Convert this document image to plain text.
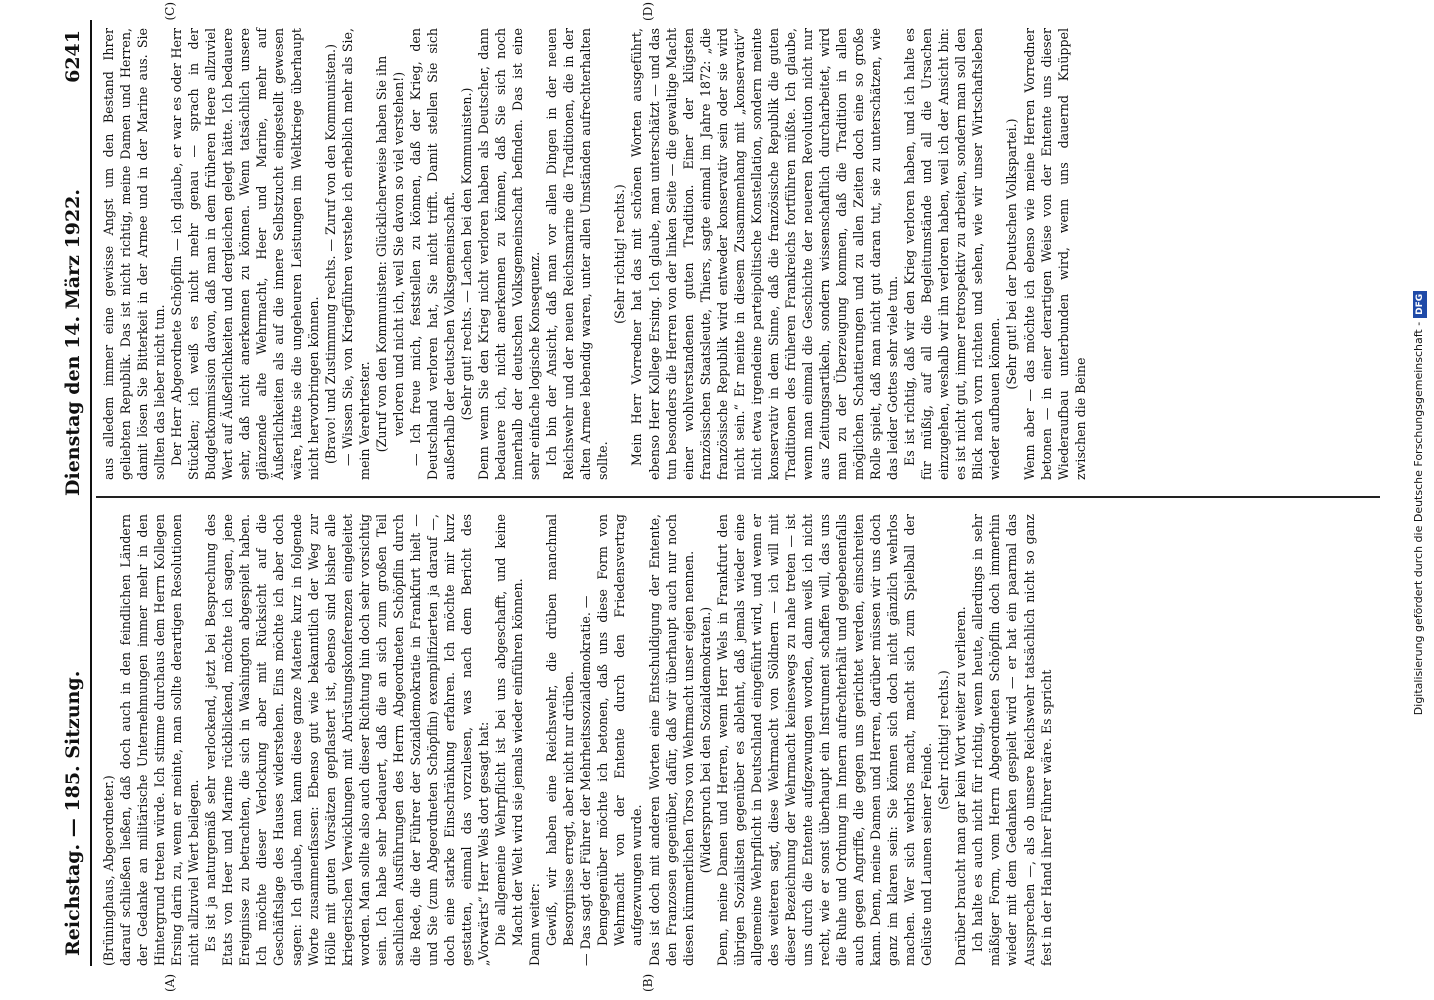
Reichstag. — 185. Sitzung.
Dienstag den 14. März 1922.
6241
(A)	(B)

(Brüninghaus, Abgeordneter.) darauf schließen ließen, daß doch auch in den feindlichen Ländern der Gedanke an militärische Unternehmungen immer mehr in den Hintergrund treten würde. Ich stimme durchaus dem Herrn Kollegen Ersing darin zu, wenn er meinte, man sollte derartigen Resolutionen nicht allzuviel Wert beilegen. Es ist ja naturgemäß sehr verlockend, jetzt bei Besprechung des Etats von Heer und Marine rückblickend, möchte ich sagen, jene Ereignisse zu betrachten, die sich in Washington abgespielt haben. Ich möchte dieser Verlockung aber mit Rücksicht auf die Geschäftslage des Hauses widerstehen. Eins möchte ich aber doch sagen: Ich glaube, man kann diese ganze Materie kurz in folgende Worte zusammenfassen: Ebenso gut wie bekanntlich der Weg zur Hölle mit guten Vorsätzen gepflastert ist, ebenso sind bisher alle kriegerischen Verwicklungen mit Abrüstungskonferenzen eingeleitet worden. Man sollte also auch dieser Richtung hin doch sehr vorsichtig sein. Ich habe sehr bedauert, daß die an sich zum großen Teil sachlichen Ausführungen des Herrn Abgeordneten Schöpflin durch die Rede, die der Führer der Sozialdemokratie in Frankfurt hielt — und Sie (zum Abgeordneten Schöpflin) exemplifizierten ja darauf —, doch eine starke Einschränkung erfahren. Ich möchte mir kurz gestatten, einmal das vorzulesen, was nach dem Bericht des „Vorwärts“ Herr Wels dort gesagt hat: Die allgemeine Wehrpflicht ist bei uns abgeschafft, und keine Macht der Welt wird sie jemals wieder einführen können. Dann weiter: Gewiß, wir haben eine Reichswehr, die drüben manchmal Besorgnisse erregt, aber nicht nur drüben. — Das sagt der Führer der Mehrheitssozialdemokratie. — Demgegenüber möchte ich betonen, daß uns diese Form von Wehrmacht von der Entente durch den Friedensvertrag aufgezwungen wurde. Das ist doch mit anderen Worten eine Entschuldigung der Entente, den Franzosen gegenüber, dafür, daß wir überhaupt auch nur noch diesen kümmerlichen Torso von Wehrmacht unser eigen nennen. (Widerspruch bei den Sozialdemokraten.) Denn, meine Damen und Herren, wenn Herr Wels in Frankfurt den übrigen Sozialisten gegenüber es ablehnt, daß jemals wieder eine allgemeine Wehrpflicht in Deutschland eingeführt wird, und wenn er des weiteren sagt, diese Wehrmacht von Söldnern — ich will mit dieser Bezeichnung der Wehrmacht keineswegs zu nahe treten — ist uns durch die Entente aufgezwungen worden, dann weiß ich nicht recht, wie er sonst überhaupt ein Instrument schaffen will, das uns die Ruhe und Ordnung im Innern aufrechterhält und gegebenenfalls auch gegen Angriffe, die gegen uns gerichtet werden, einschreiten kann. Denn, meine Damen und Herren, darüber müssen wir uns doch ganz im klaren sein: Sie können sich doch nicht gänzlich wehrlos machen. Wer sich wehrlos macht, macht sich zum Spielball der Gelüste und Launen seiner Feinde.

(Sehr richtig! rechts.) Darüber braucht man gar kein Wort weiter zu verlieren. Ich halte es auch nicht für richtig, wenn heute, allerdings in sehr mäßiger Form, vom Herrn Abgeordneten Schöpflin doch immerhin wieder mit dem Gedanken gespielt wird — er hat ein paarmal das Aussprechen —, als ob unsere Reichswehr tatsächlich nicht so ganz fest in der Hand ihrer Führer wäre. Es spricht

(C)	(D)

aus alledem immer eine gewisse Angst um den Bestand Ihrer geliebten Republik. Das ist nicht richtig, meine Damen und Herren, damit lösen Sie Bitterkeit in der Armee und in der Marine aus. Sie sollten das lieber nicht tun. Der Herr Abgeordnete Schöpflin — ich glaube, er war es oder Herr Stücklen; ich weiß es nicht mehr genau — sprach in der Budgetkommission davon, daß man in dem früheren Heere allzuviel Wert auf Äußerlichkeiten und dergleichen gelegt hätte. Ich bedauere sehr, daß nicht anerkennen zu können. Wenn tatsächlich unsere glänzende alte Wehrmacht, Heer und Marine, mehr auf Äußerlichkeiten als auf die innere Selbstzucht eingestellt gewesen wäre, hätte sie die ungeheuren Leistungen im Weltkriege überhaupt nicht hervorbringen können. (Bravo! und Zustimmung rechts. — Zuruf von den Kommunisten.) — Wissen Sie, von Kriegführen verstehe ich erheblich mehr als Sie, mein Verehrtester. (Zuruf von den Kommunisten: Glücklicherweise haben Sie ihn verloren und nicht ich, weil Sie davon so viel verstehen!) — Ich freue mich, feststellen zu können, daß der Krieg, den Deutschland verloren hat, Sie nicht trifft. Damit stellen Sie sich außerhalb der deutschen Volksgemeinschaft. (Sehr gut! rechts. — Lachen bei den Kommunisten.) Denn wenn Sie den Krieg nicht verloren haben als Deutscher, dann bedauere ich, nicht anerkennen zu können, daß Sie sich noch innerhalb der deutschen Volksgemeinschaft befinden. Das ist eine sehr einfache logische Konsequenz. Ich bin der Ansicht, daß man vor allen Dingen in der neuen Reichswehr und der neuen Reichsmarine die Traditionen, die in der alten Armee lebendig waren, unter allen Umständen aufrechterhalten sollte.

(Sehr richtig! rechts.) Mein Herr Vorredner hat das mit schönen Worten ausgeführt, ebenso Herr Kollege Ersing. Ich glaube, man unterschätzt — und das tun besonders die Herren von der linken Seite — die gewaltige Macht einer wohlverstandenen guten Tradition. Einer der klügsten französischen Staatsleute, Thiers, sagte einmal im Jahre 1872: „die französische Republik wird entweder konservativ sein oder sie wird nicht sein.“ Er meinte in diesem Zusammenhang mit „konservativ“ nicht etwa irgendeine parteipolitische Konstellation, sondern meinte konservativ in dem Sinne, daß die französische Republik die guten Traditionen des früheren Frankreichs fortführen müßte. Ich glaube, wenn man einmal die Geschichte der neueren Revolution nicht nur aus Zeitungsartikeln, sondern wissenschaftlich durcharbeitet, wird man zu der Überzeugung kommen, daß die Tradition in allen möglichen Schattierungen und zu allen Zeiten doch eine so große Rolle spielt, daß man nicht gut daran tut, sie zu unterschätzen, wie das leider Gottes sehr viele tun. Es ist richtig, daß wir den Krieg verloren haben, und ich halte es für müßig, auf all die Begleitumstände und all die Ursachen einzugehen, weshalb wir ihn verloren haben, weil ich der Ansicht bin: es ist nicht gut, immer retrospektiv zu arbeiten, sondern man soll den Blick nach vorn richten und sehen, wie wir unser Wirtschaftsleben wieder aufbauen können.

(Sehr gut! bei der Deutschen Volkspartei.) Wenn aber — das möchte ich ebenso wie meine Herren Vorredner betonen — in einer derartigen Weise von der Entente uns dieser Wiederaufbau unterbunden wird, wenn uns dauernd Knüppel zwischen die Beine	Digitalisierung gefördert durch die Deutsche Forschungsgemeinschaft -DFG
